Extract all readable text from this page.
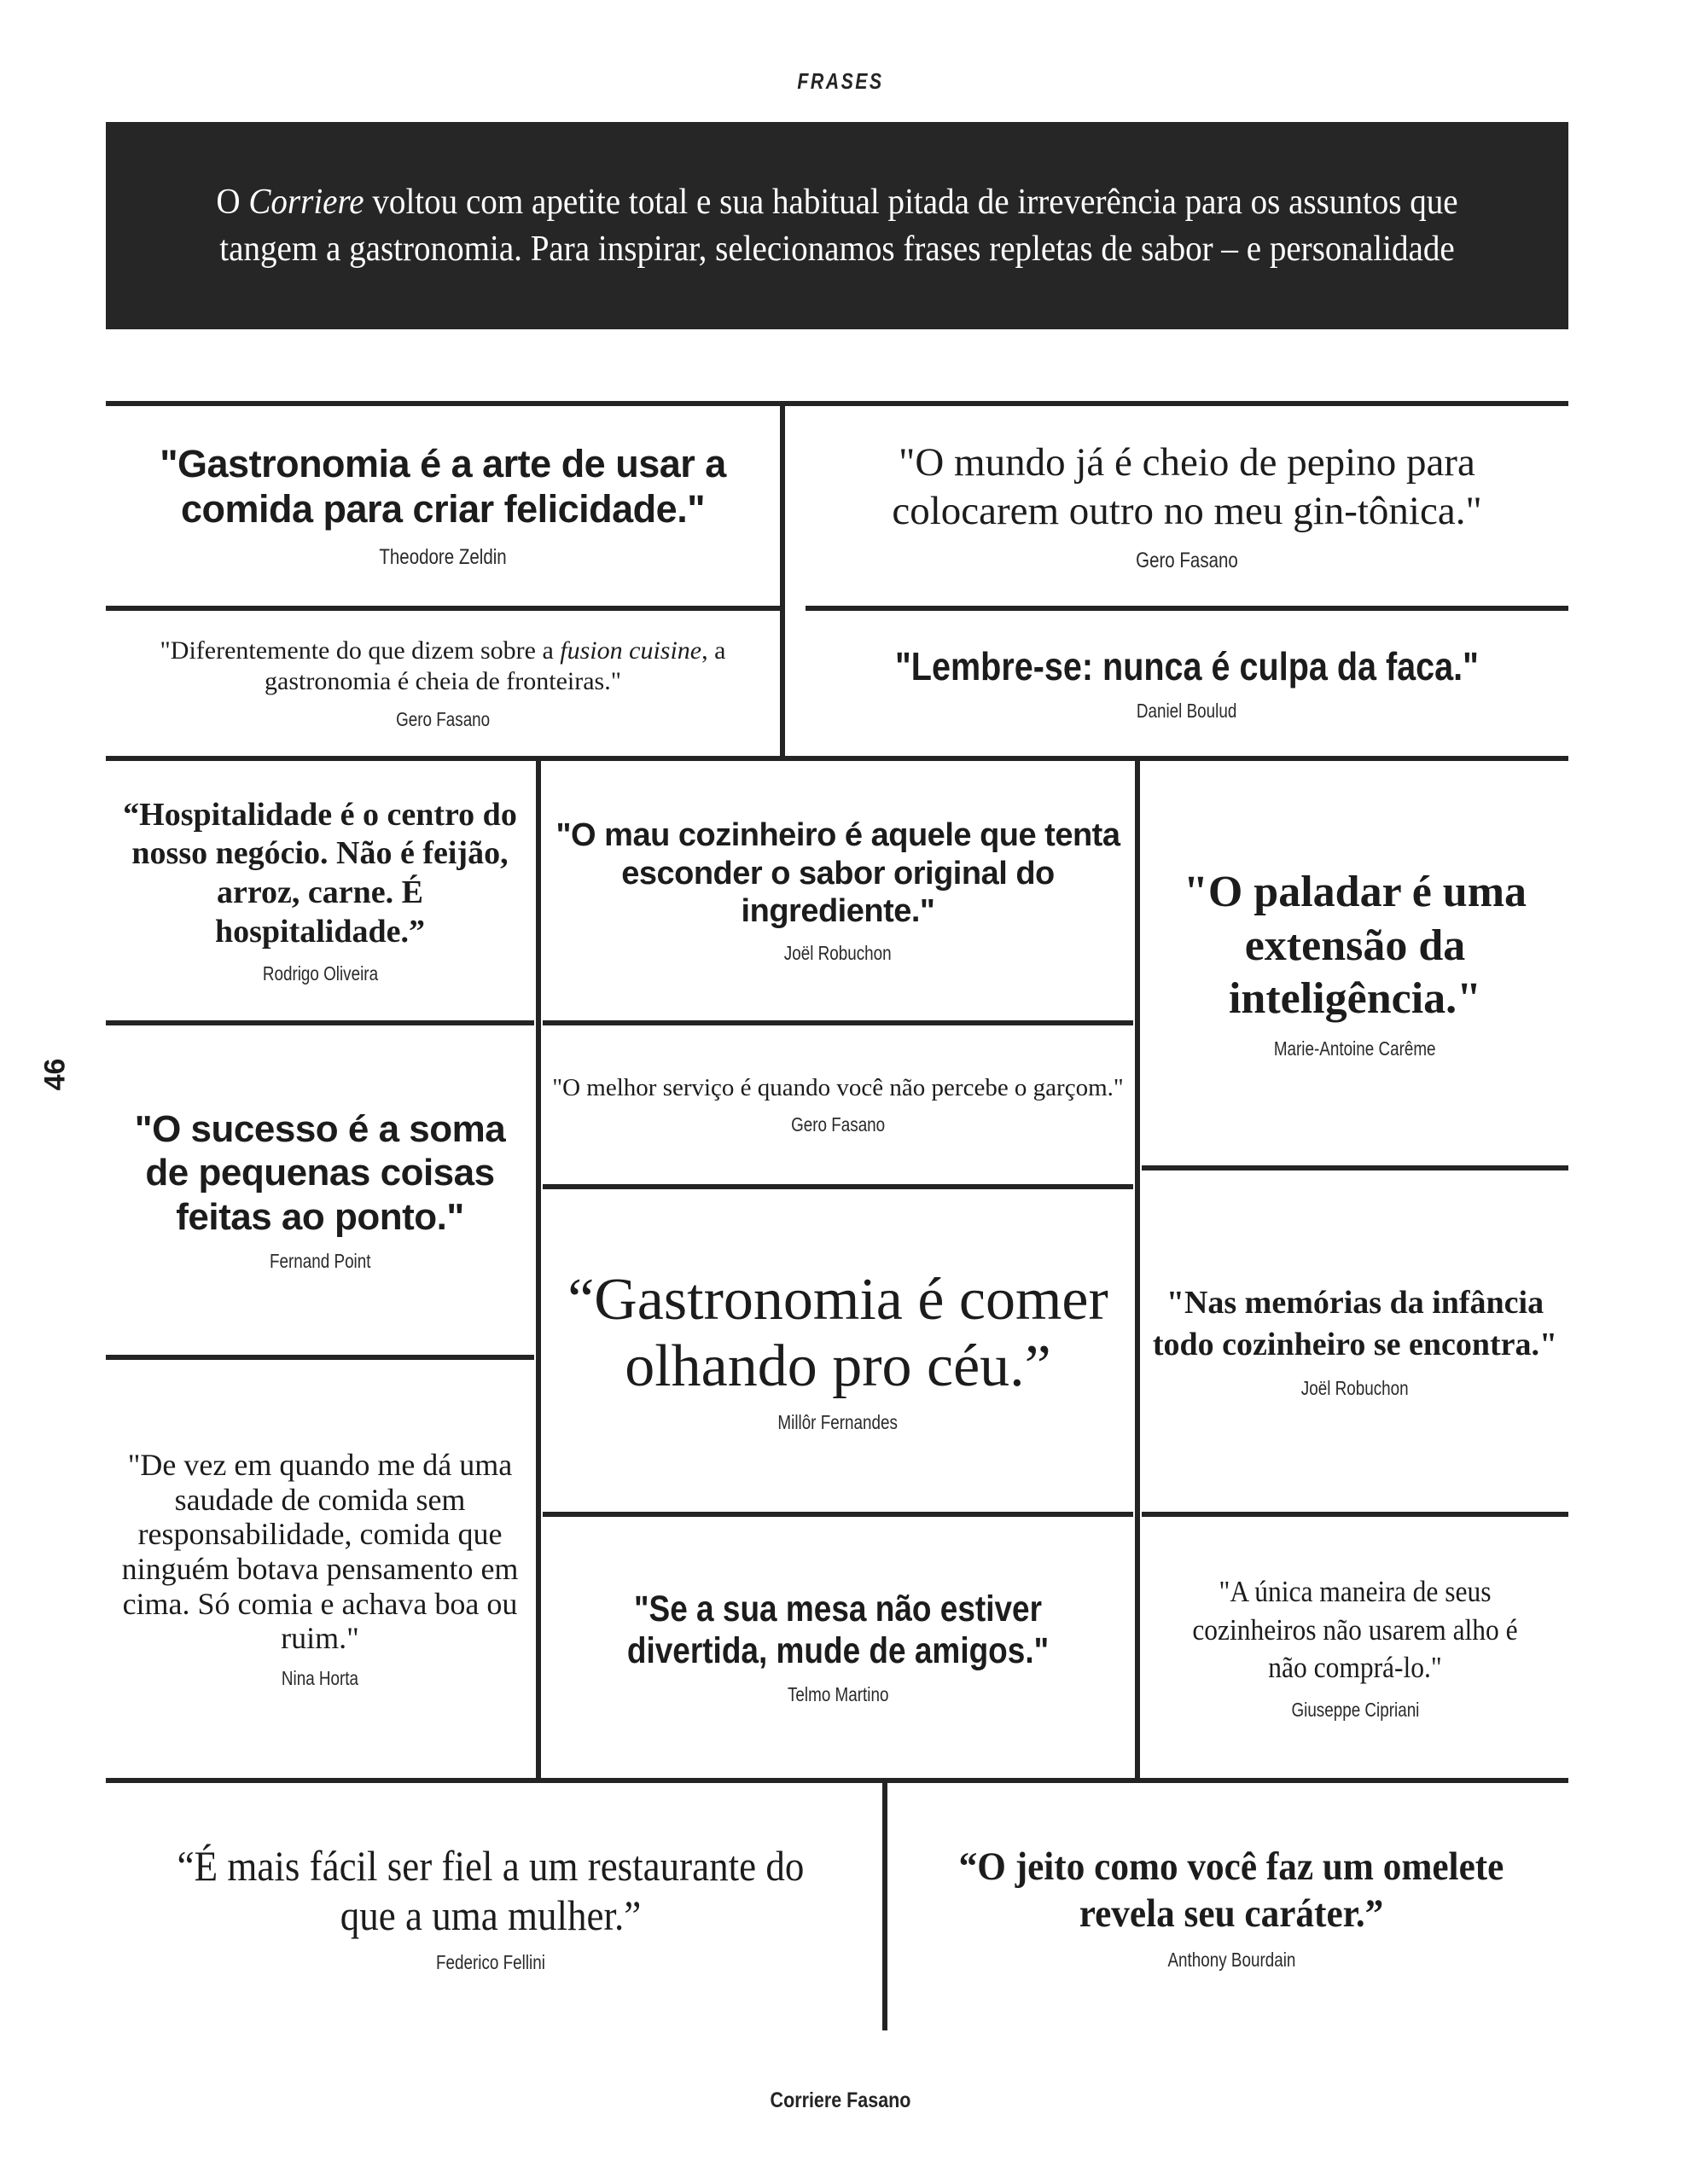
FRASES
O Corriere voltou com apetite total e sua habitual pitada de irreverência para os assuntos que tangem a gastronomia. Para inspirar, selecionamos frases repletas de sabor – e personalidade
46
"Gastronomia é a arte de usar a comida para criar felicidade."
Theodore Zeldin
"O mundo já é cheio de pepino para colocarem outro no meu gin-tônica."
Gero Fasano
"Diferentemente do que dizem sobre a fusion cuisine, a gastronomia é cheia de fronteiras."
Gero Fasano
"Lembre-se: nunca é culpa da faca."
Daniel Boulud
“Hospitalidade é o centro do nosso negócio. Não é feijão, arroz, carne. É hospitalidade.”
Rodrigo Oliveira
"O sucesso é a soma de pequenas coisas feitas ao ponto."
Fernand Point
"De vez em quando me dá uma saudade de comida sem responsabilidade, comida que ninguém botava pensamento em cima. Só comia e achava boa ou ruim."
Nina Horta
"O mau cozinheiro é aquele que tenta esconder o sabor original do ingrediente."
Joël Robuchon
"O melhor serviço é quando você não percebe o garçom."
Gero Fasano
“Gastronomia é comer olhando pro céu.”
Millôr Fernandes
"Se a sua mesa não estiver divertida, mude de amigos."
Telmo Martino
"O paladar é uma extensão da inteligência."
Marie-Antoine Carême
"Nas memórias da infância todo cozinheiro se encontra."
Joël Robuchon
"A única maneira de seus cozinheiros não usarem alho é não comprá-lo."
Giuseppe Cipriani
“É mais fácil ser fiel a um restaurante do que a uma mulher.”
Federico Fellini
“O jeito como você faz um omelete revela seu caráter.”
Anthony Bourdain
Corriere Fasano
